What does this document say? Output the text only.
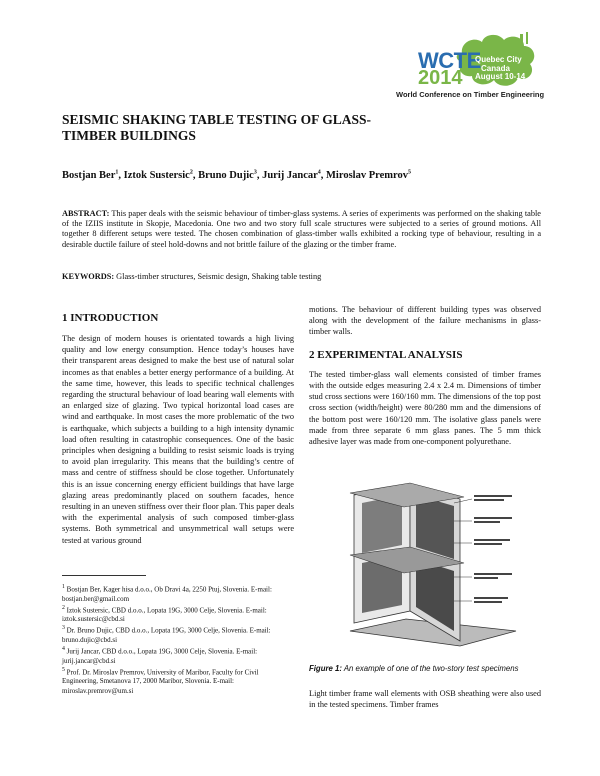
WCTE
2014
Quebec City
Canada
August 10-14
World Conference on Timber Engineering
SEISMIC SHAKING TABLE TESTING OF GLASS-TIMBER BUILDINGS
Bostjan Ber$^1$, Iztok Sustersic$^2$, Bruno Dujic$^3$, Jurij Jancar$^4$, Miroslav Premrov$^5$
ABSTRACT: This paper deals with the seismic behaviour of timber-glass systems. A series of experiments was performed on the shaking table of the IZIIS institute in Skopje, Macedonia. One two and two story full scale structures were subjected to a series of ground motions. All together 8 different setups were tested. The chosen combination of glass-timber walls exhibited a rocking type of behaviour, resulting in a desirable ductile failure of steel hold-downs and not brittle failure of the glazing or the timber frame.
KEYWORDS: Glass-timber structures, Seismic design, Shaking table testing
1 INTRODUCTION
The design of modern houses is orientated towards a high living quality and low energy consumption. Hence today’s houses have their transparent areas designed to make the best use of natural solar incomes as that enables a better energy performance of a building. At the same time, however, this leads to specific technical challenges regarding the structural behaviour of load bearing wall elements with an enlarged size of glazing. Two typical horizontal load cases are wind and earthquake. In most cases the more problematic of the two is earthquake, which subjects a building to a high intensity dynamic load often resulting in catastrophic consequences. One of the basic principles when designing a building to resist seismic loads is trying to avoid plan irregularity. This means that the building’s centre of mass and centre of stiffness should be close together. Unfortunately this is an issue concerning energy efficient buildings that have large glazing areas predominantly placed on southern facades, hence resulting in an uneven stiffness over their floor plan. This paper deals with the experimental analysis of such composed timber-glass systems. Both symmetrical and unsymmetrical wall setups were tested at various ground
$^1$ Bostjan Ber, Kager hisa d.o.o., Ob Dravi 4a, 2250 Ptuj, Slovenia. E-mail: bostjan.ber@gmail.com
$^2$ Iztok Sustersic, CBD d.o.o., Lopata 19G, 3000 Celje, Slovenia. E-mail: iztok.sustersic@cbd.si
$^3$ Dr. Bruno Dujic, CBD d.o.o., Lopata 19G, 3000 Celje, Slovenia. E-mail: bruno.dujic@cbd.si
$^4$ Jurij Jancar, CBD d.o.o., Lopata 19G, 3000 Celje, Slovenia. E-mail: jurij.jancar@cbd.si
$^5$ Prof. Dr. Miroslav Premrov, University of Maribor, Faculty for Civil Engineering, Smetanova 17, 2000 Maribor, Slovenia. E-mail: miroslav.premrov@um.si
motions. The behaviour of different building types was observed along with the development of the failure mechanisms in glass-timber walls.
2 EXPERIMENTAL ANALYSIS
The tested timber-glass wall elements consisted of timber frames with the outside edges measuring 2.4 x 2.4 m. Dimensions of timber stud cross sections were 160/160 mm. The dimensions of the top post cross section (width/height) were 80/280 mm and the dimensions of the bottom post were 160/120 mm. The isolative glass panels were made from three separate 6 mm glass panes. The 5 mm thick adhesive layer was made from one-component polyurethane.
Figure 1: An example of one of the two-story test specimens
Light timber frame wall elements with OSB sheathing were also used in the tested specimens. Timber frames
